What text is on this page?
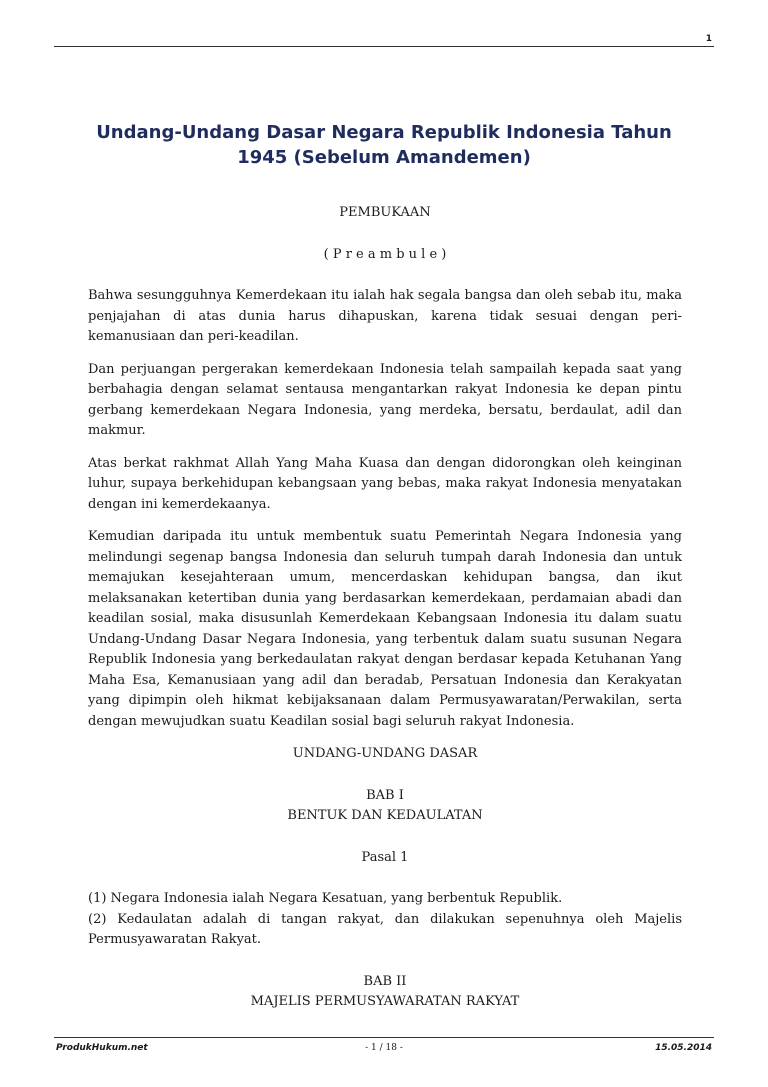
1
Undang-Undang Dasar Negara Republik Indonesia Tahun 1945 (Sebelum Amandemen)
PEMBUKAAN
( P r e a m b u l e )

Bahwa sesungguhnya Kemerdekaan itu ialah hak segala bangsa dan oleh sebab itu, maka penjajahan di atas dunia harus dihapuskan, karena tidak sesuai dengan peri-kemanusiaan dan peri-keadilan.

Dan perjuangan pergerakan kemerdekaan Indonesia telah sampailah kepada saat yang berbahagia dengan selamat sentausa mengantarkan rakyat Indonesia ke depan pintu gerbang kemerdekaan Negara Indonesia, yang merdeka, bersatu, berdaulat, adil dan makmur.

Atas berkat rakhmat Allah Yang Maha Kuasa dan dengan didorongkan oleh keinginan luhur, supaya berkehidupan kebangsaan yang bebas, maka rakyat Indonesia menyatakan dengan ini kemerdekaanya.

Kemudian daripada itu untuk membentuk suatu Pemerintah Negara Indonesia yang melindungi segenap bangsa Indonesia dan seluruh tumpah darah Indonesia dan untuk memajukan kesejahteraan umum, mencerdaskan kehidupan bangsa, dan ikut melaksanakan ketertiban dunia yang berdasarkan kemerdekaan, perdamaian abadi dan keadilan sosial, maka disusunlah Kemerdekaan Kebangsaan Indonesia itu dalam suatu Undang-Undang Dasar Negara Indonesia, yang terbentuk dalam suatu susunan Negara Republik Indonesia yang berkedaulatan rakyat dengan berdasar kepada Ketuhanan Yang Maha Esa, Kemanusiaan yang adil dan beradab, Persatuan Indonesia dan Kerakyatan yang dipimpin oleh hikmat kebijaksanaan dalam Permusyawaratan/Perwakilan, serta dengan mewujudkan suatu Keadilan sosial bagi seluruh rakyat Indonesia.

UNDANG-UNDANG DASAR
BAB I
BENTUK DAN KEDAULATAN
Pasal 1

(1) Negara Indonesia ialah Negara Kesatuan, yang berbentuk Republik.

(2) Kedaulatan adalah di tangan rakyat, dan dilakukan sepenuhnya oleh Majelis Permusyawaratan Rakyat.

BAB II
MAJELIS PERMUSYAWARATAN RAKYAT
ProdukHukum.net	- 1 / 18 -	15.05.2014
